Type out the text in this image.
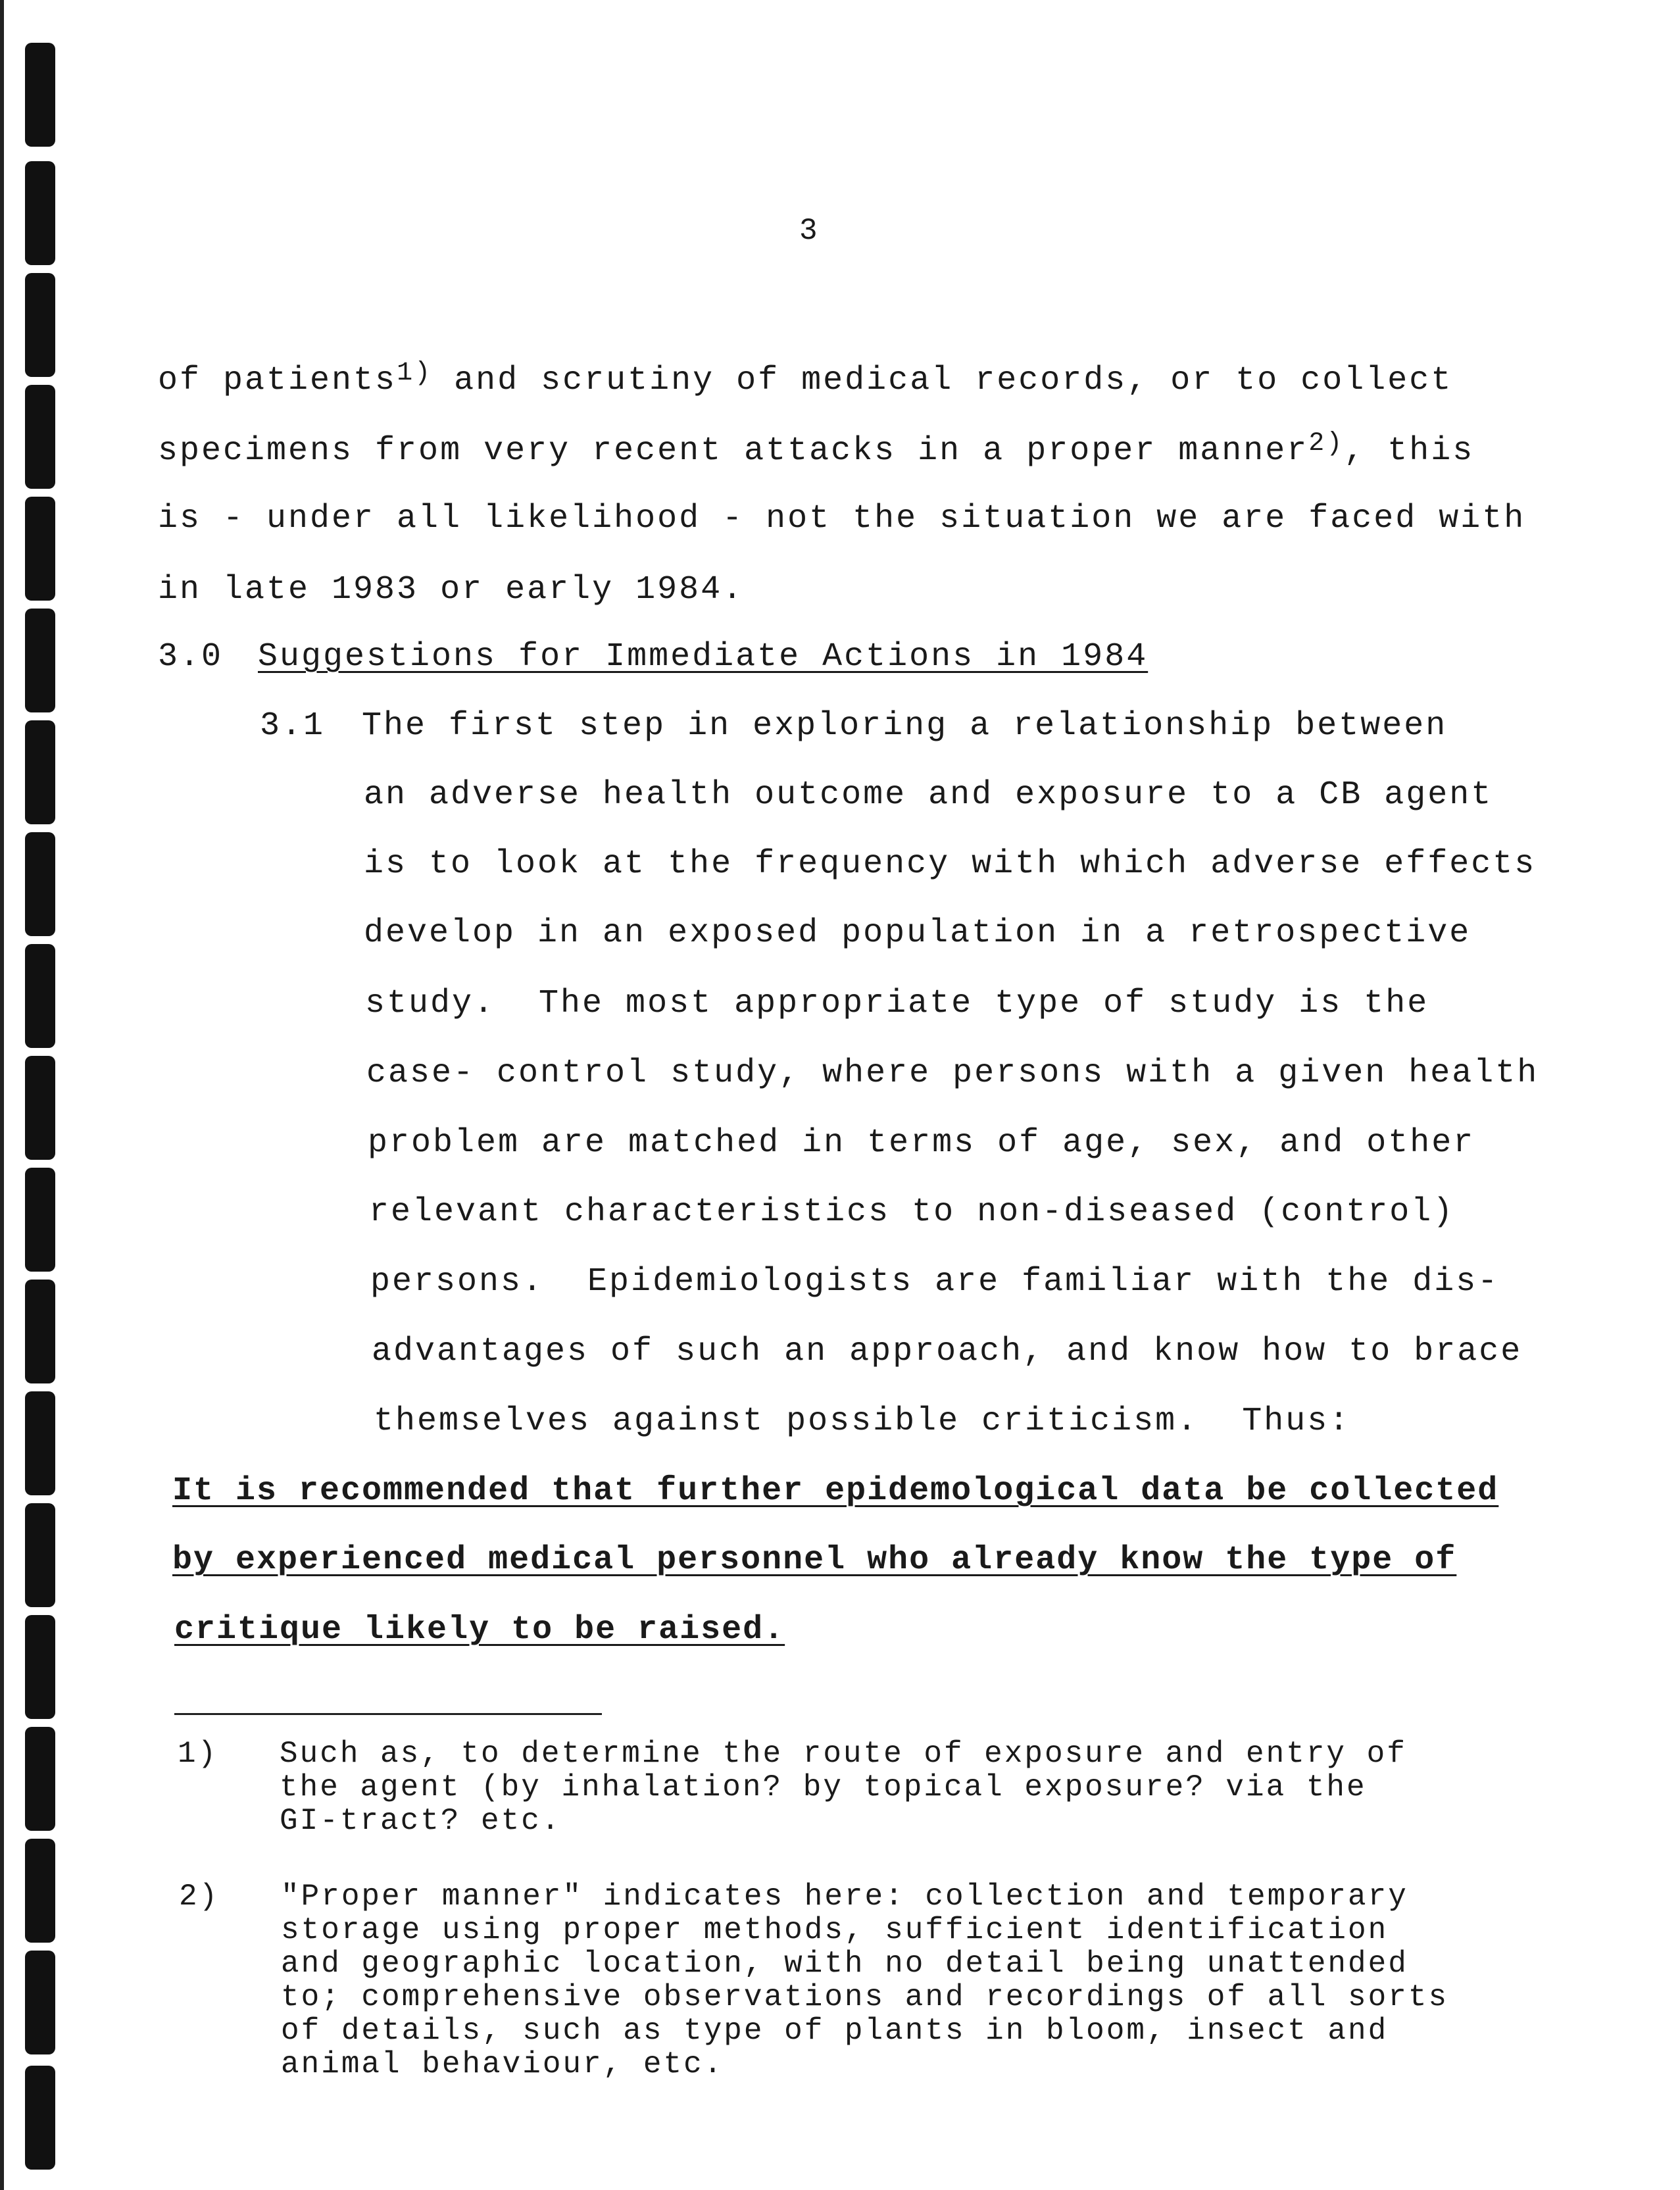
3
of patients$^{1)}$ and scrutiny of medical records, or to collect
specimens from very recent attacks in a proper manner$^{2)}$, this
is - under all likelihood - not the situation we are faced with
in late 1983 or early 1984.
3.0 Suggestions for Immediate Actions in 1984
3.1 The first step in exploring a relationship between
an adverse health outcome and exposure to a CB agent
is to look at the frequency with which adverse effects
develop in an exposed population in a retrospective
study.  The most appropriate type of study is the
case- control study, where persons with a given health
problem are matched in terms of age, sex, and other
relevant characteristics to non-diseased (control)
persons.  Epidemiologists are familiar with the dis-
advantages of such an approach, and know how to brace
themselves against possible criticism.  Thus:
It is recommended that further epidemological data be collected
by experienced medical personnel who already know the type of
critique likely to be raised.
1) Such as, to determine the route of exposure and entry of
the agent (by inhalation? by topical exposure? via the
GI-tract? etc.
2) "Proper manner" indicates here: collection and temporary
storage using proper methods, sufficient identification
and geographic location, with no detail being unattended
to; comprehensive observations and recordings of all sorts
of details, such as type of plants in bloom, insect and
animal behaviour, etc.
